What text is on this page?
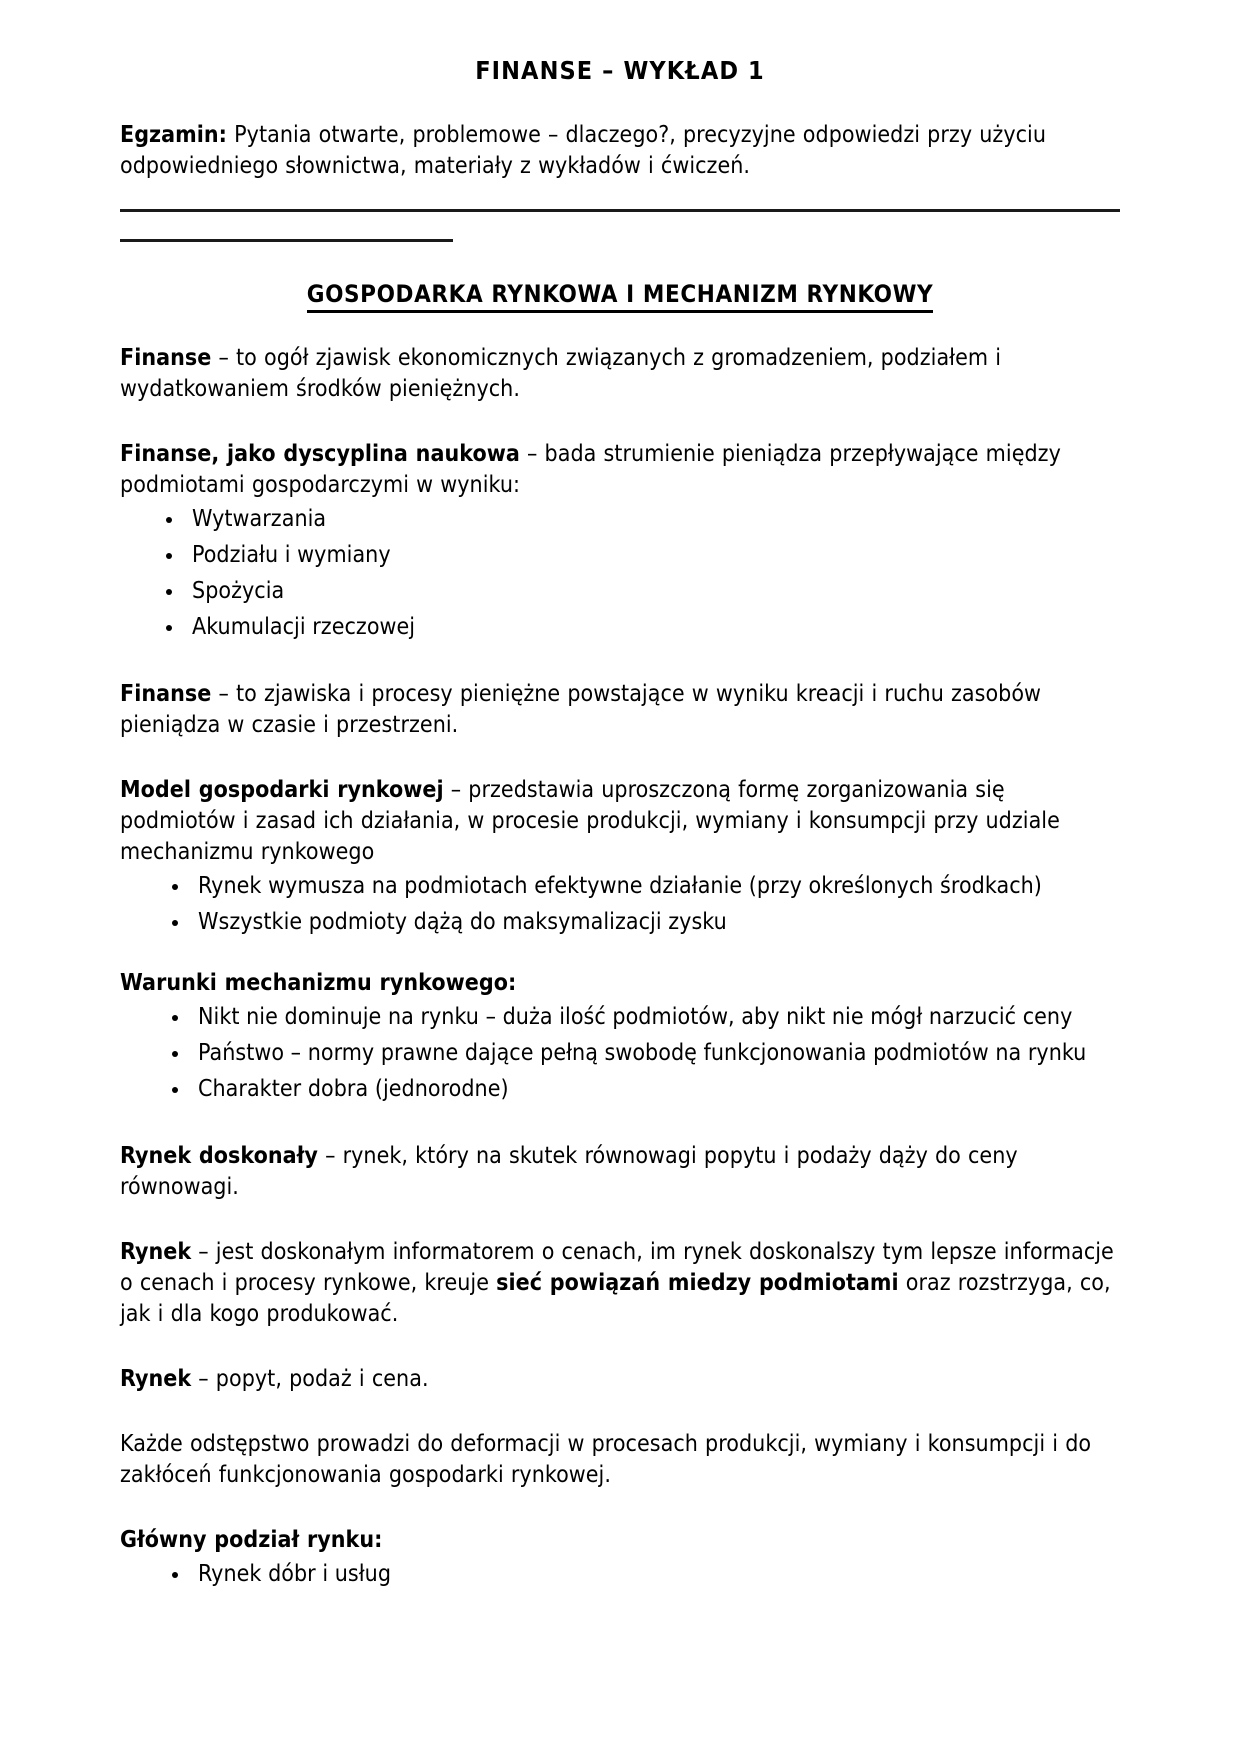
FINANSE – WYKŁAD 1

Egzamin: Pytania otwarte, problemowe – dlaczego?, precyzyjne odpowiedzi przy użyciu odpowiedniego słownictwa, materiały z wykładów i ćwiczeń.

GOSPODARKA RYNKOWA I MECHANIZM RYNKOWY

Finanse – to ogół zjawisk ekonomicznych związanych z gromadzeniem, podziałem i wydatkowaniem środków pieniężnych.

Finanse, jako dyscyplina naukowa – bada strumienie pieniądza przepływające między podmiotami gospodarczymi w wyniku:

Wytwarzania
Podziału i wymiany
Spożycia
Akumulacji rzeczowej

Finanse – to zjawiska i procesy pieniężne powstające w wyniku kreacji i ruchu zasobów pieniądza w czasie i przestrzeni.

Model gospodarki rynkowej – przedstawia uproszczoną formę zorganizowania się podmiotów i zasad ich działania, w procesie produkcji, wymiany i konsumpcji przy udziale mechanizmu rynkowego

Rynek wymusza na podmiotach efektywne działanie (przy określonych środkach)
Wszystkie podmioty dążą do maksymalizacji zysku

Warunki mechanizmu rynkowego:

Nikt nie dominuje na rynku – duża ilość podmiotów, aby nikt nie mógł narzucić ceny
Państwo – normy prawne dające pełną swobodę funkcjonowania podmiotów na rynku
Charakter dobra (jednorodne)

Rynek doskonały – rynek, który na skutek równowagi popytu i podaży dąży do ceny równowagi.

Rynek – jest doskonałym informatorem o cenach, im rynek doskonalszy tym lepsze informacje o cenach i procesy rynkowe, kreuje sieć powiązań miedzy podmiotami oraz rozstrzyga, co, jak i dla kogo produkować.

Rynek – popyt, podaż i cena.

Każde odstępstwo prowadzi do deformacji w procesach produkcji, wymiany i konsumpcji i do zakłóceń funkcjonowania gospodarki rynkowej.

Główny podział rynku:

Rynek dóbr i usług
